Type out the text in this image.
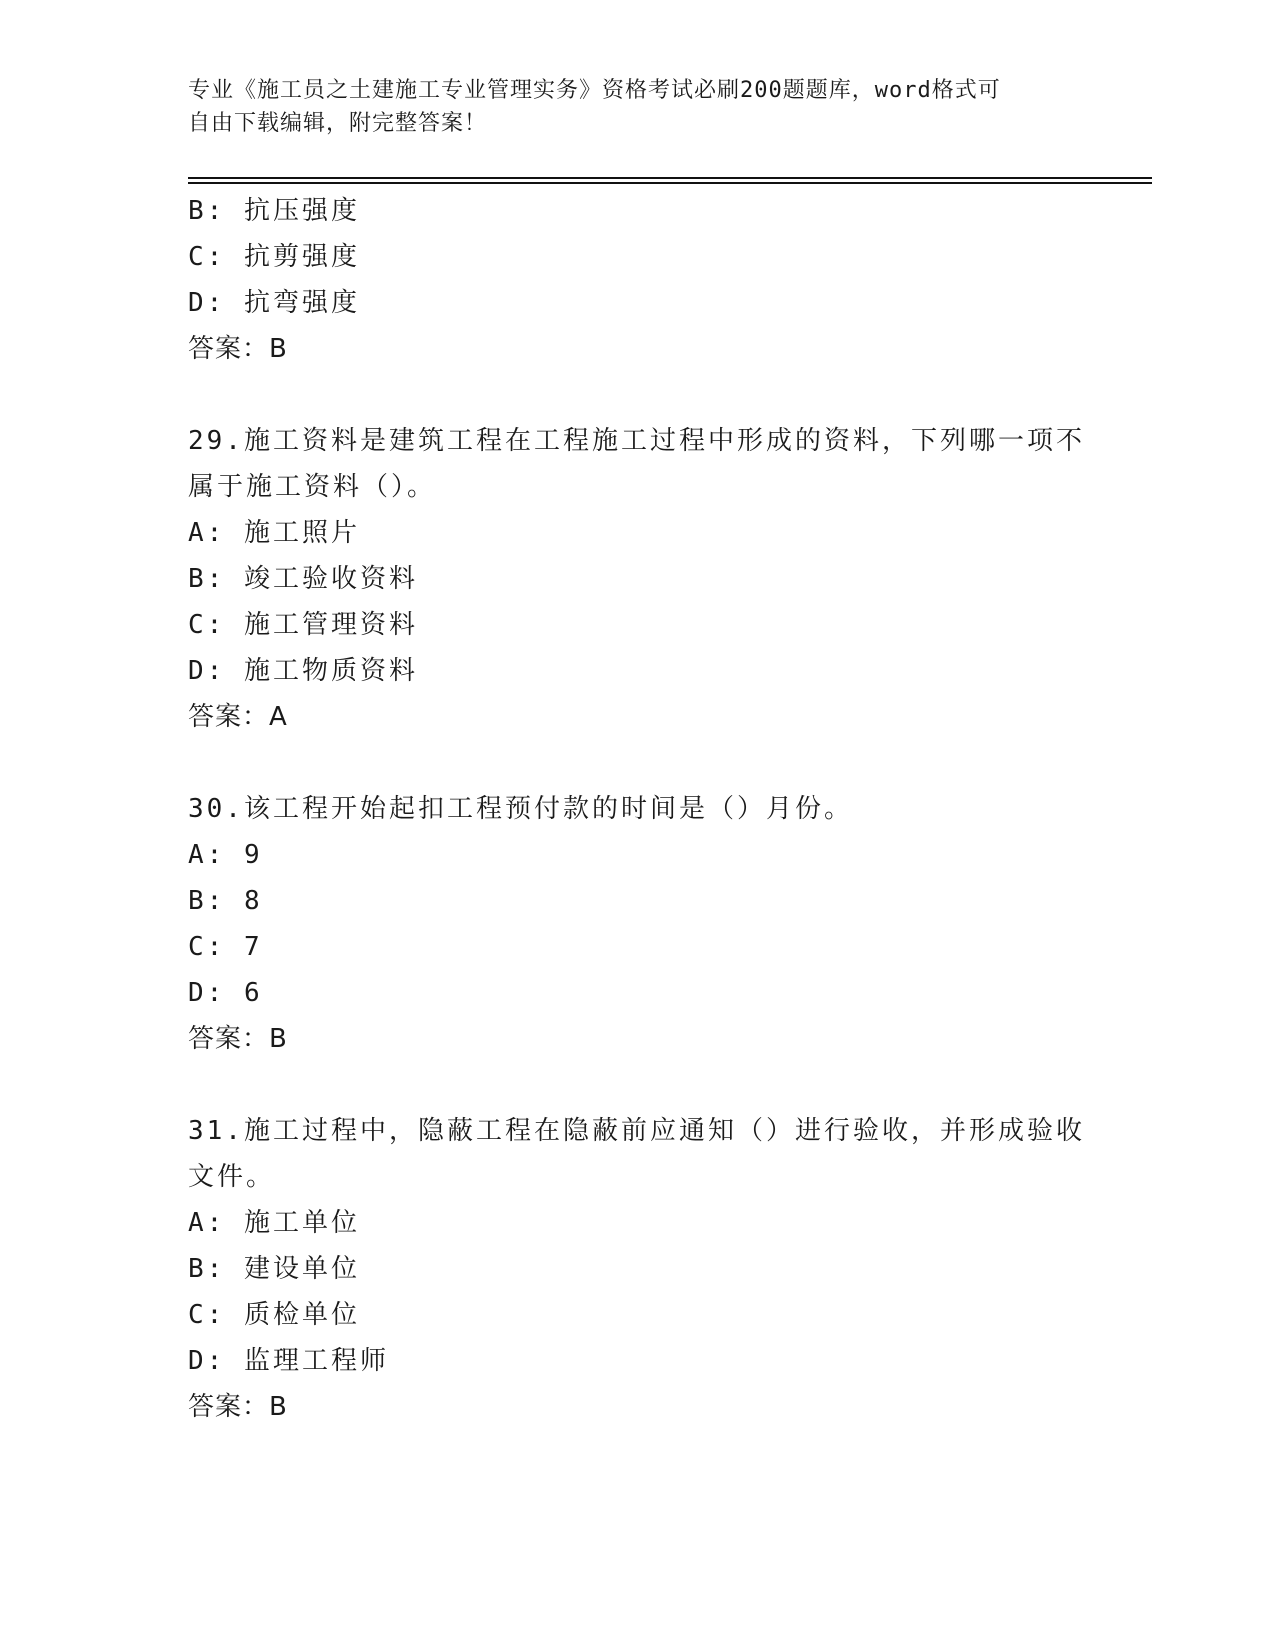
专业《施工员之土建施工专业管理实务》资格考试必刷200题题库，word格式可
自由下载编辑，附完整答案！
B: 抗压强度
C: 抗剪强度
D: 抗弯强度
答案：B
29.施工资料是建筑工程在工程施工过程中形成的资料，下列哪一项不
属于施工资料（）。
A: 施工照片
B: 竣工验收资料
C: 施工管理资料
D: 施工物质资料
答案：A
30.该工程开始起扣工程预付款的时间是（）月份。
A: 9
B: 8
C: 7
D: 6
答案：B
31.施工过程中，隐蔽工程在隐蔽前应通知（）进行验收，并形成验收
文件。
A: 施工单位
B: 建设单位
C: 质检单位
D: 监理工程师
答案：B
